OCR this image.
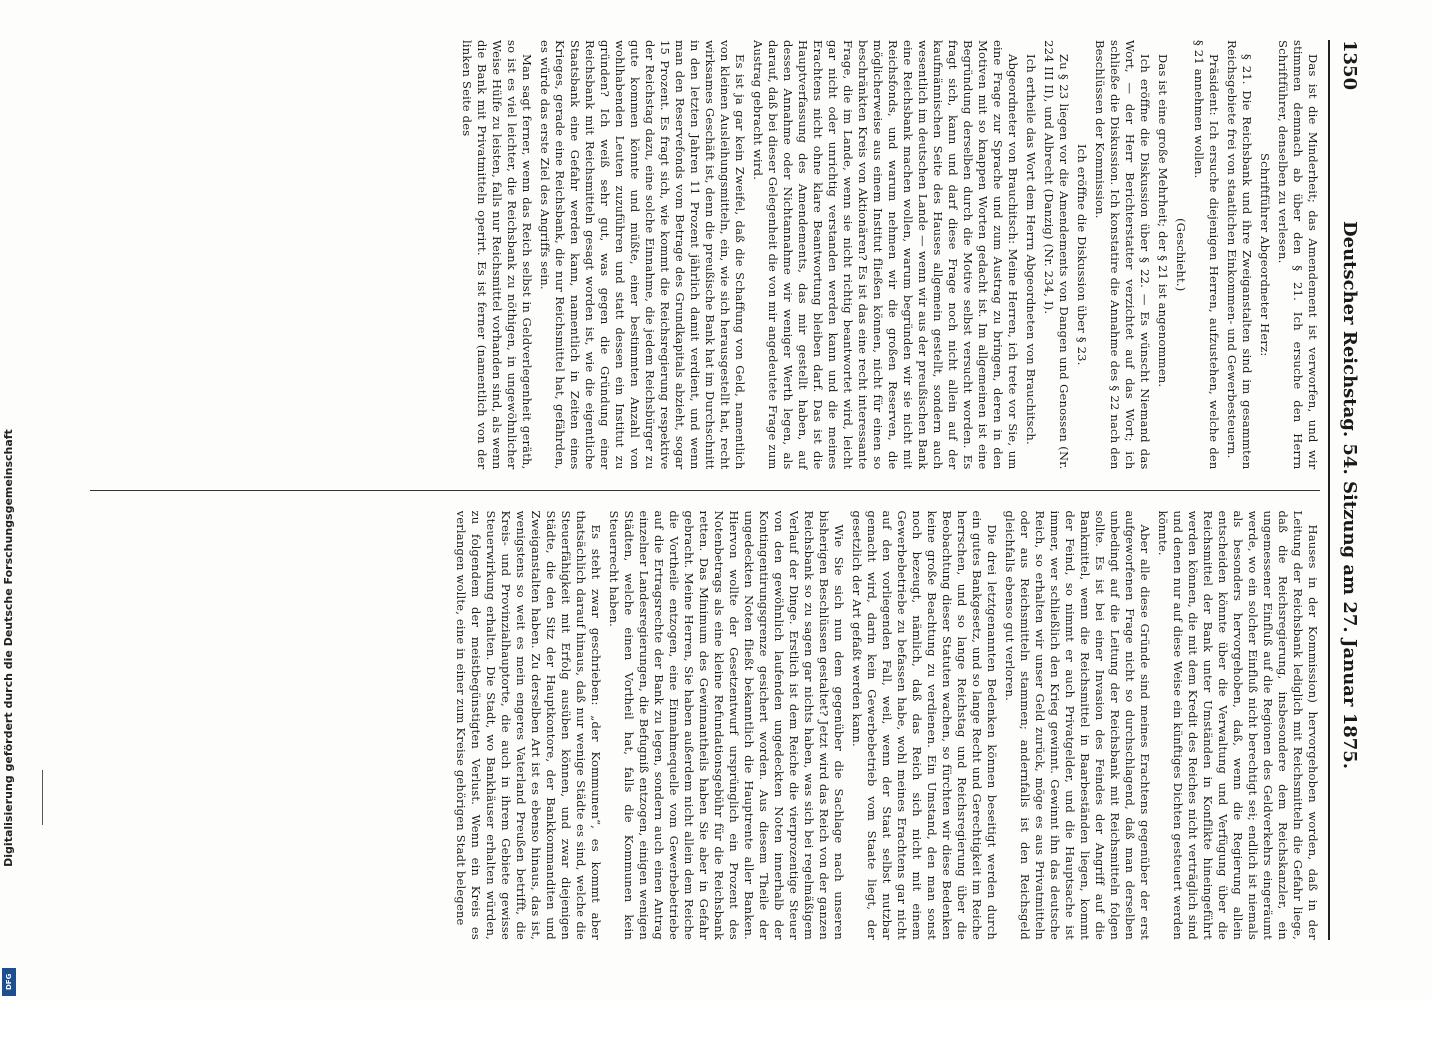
Digitalisierung gefördert durch die Deutsche Forschungsgemeinschaft
DFG
1350
Deutscher Reichstag. 54. Sitzung am 27. Januar 1875.

Das ist die Minderheit; das Amendement ist verworfen, und wir stimmen demnach ab über den § 21. Ich ersuche den Herrn Schriftführer, denselben zu verlesen.

Schriftführer Abgeordneter Herz:

§ 21. Die Reichsbank und ihre Zweiganstalten sind im gesammten Reichsgebiete frei von staatlichen Einkommen- und Gewerbesteuern.

Präsident: Ich ersuche diejenigen Herren, aufzustehen, welche den § 21 annehmen wollen.

(Geschieht.)

Das ist eine große Mehrheit; der § 21 ist angenommen.

Ich eröffne die Diskussion über § 22. — Es wünscht Niemand das Wort, — der Herr Berichterstatter verzichtet auf das Wort; ich schließe die Diskussion. Ich konstatire die Annahme des § 22 nach den Beschlüssen der Kommission.

Ich eröffne die Diskussion über § 23.

Zu § 23 liegen vor die Amendements von Dangen und Genossen (Nr. 224 III II), und Albrecht (Danzig) (Nr. 234, I).

Ich ertheile das Wort dem Herrn Abgeordneten von Brauchitsch.

Abgeordneter von Brauchitsch: Meine Herren, ich trete vor Sie, um eine Frage zur Sprache und zum Austrag zu bringen, deren in den Motiven mit so knappen Worten gedacht ist. Im allgemeinen ist eine Begründung derselben durch die Motive selbst versucht worden. Es fragt sich, kann und darf diese Frage noch nicht allein auf der kaufmännischen Seite des Hauses allgemein gestellt, sondern auch wesentlich im deutschen Lande — wenn wir aus der preußischen Bank eine Reichsbank machen wollen, warum begründen wir sie nicht mit Reichsfonds, und warum nehmen wir die großen Reserven, die möglicherweise aus einem Institut fließen können, nicht für einen so beschränkten Kreis von Aktionären? Es ist das eine recht interessante Frage, die im Lande, wenn sie nicht richtig beantwortet wird, leicht gar nicht oder unrichtig verstanden werden kann und die meines Erachtens nicht ohne klare Beantwortung bleiben darf. Das ist die Hauptverfassung des Amendements, das mir gestellt haben, auf dessen Annahme oder Nichtannahme wir weniger Werth legen, als darauf, daß bei dieser Gelegenheit die von mir angedeutete Frage zum Austrag gebracht wird.

Es ist ja gar kein Zweifel, daß die Schaffung von Geld, namentlich von kleinen Ausleihungsmitteln, ein, wie sich herausgestellt hat, recht wirksames Geschäft ist, denn die preußische Bank hat im Durchschnitt in den letzten Jahren 11 Prozent jährlich damit verdient, und wenn man den Reservefonds vom Betrage des Grundkapitals abzieht, sogar 15 Prozent. Es fragt sich, wie kommt die Reichsregierung respektive der Reichstag dazu, eine solche Einnahme, die jedem Reichsbürger zu gute kommen könnte und müßte, einer bestimmten Anzahl von wohlhabenden Leuten zuzuführen und statt dessen ein Institut zu gründen? Ich weiß sehr gut, was gegen die Gründung einer Reichsbank mit Reichsmitteln gesagt worden ist, wie die eigentliche Staatsbank eine Gefahr werden kann, namentlich in Zeiten eines Krieges, gerade eine Reichsbank, die nur Reichsmittel hat, gefährden, es würde das erste Ziel des Angriffs sein.

Man sagt ferner, wenn das Reich selbst in Geldverlegenheit geräth, so ist es viel leichter, die Reichsbank zu nöthigen, in ungewöhnlicher Weise Hülfe zu leisten, falls nur Reichsmittel vorhanden sind, als wenn die Bank mit Privatmitteln operirt. Es ist ferner (namentlich von der linken Seite des

Hauses in der Kommission) hervorgehoben worden, daß in der Leitung der Reichsbank lediglich mit Reichsmitteln die Gefahr liege, daß die Reichsregierung, insbesondere dem Reichskanzler, ein ungemessener Einfluß auf die Regionen des Geldverkehrs eingeräumt werde, wo ein solcher Einfluß nicht berechtigt sei; endlich ist niemals als besonders hervorgehoben, daß, wenn die Regierung allein entscheiden könnte über die Verwaltung und Verfügung über die Reichsmittel der Bank unter Umständen in Konflikte hineingeführt werden können, die mit dem Kredit des Reiches nicht verträglich sind und denen nur auf diese Weise ein künftiges Dichten gesteuert werden könnte.

Aber alle diese Gründe sind meines Erachtens gegenüber der erst aufgeworfenen Frage nicht so durchschlagend, daß man derselben unbedingt auf die Leitung der Reichsbank mit Reichsmitteln folgen sollte. Es ist bei einer Invasion des Feindes der Angriff auf die Bankmittel, wenn die Reichsmittel in Baarbeständen liegen, kommt der Feind, so nimmt er auch Privatgelder, und die Hauptsache ist immer, wer schließlich den Krieg gewinnt. Gewinnt ihn das deutsche Reich, so erhalten wir unser Geld zurück, möge es aus Privatmitteln oder aus Reichsmitteln stammen; andernfalls ist den Reichsgeld gleichfalls ebenso gut verloren.

Die drei letztgenannten Bedenken können beseitigt werden durch ein gutes Bankgesetz, und so lange Recht und Gerechtigkeit im Reiche herrschen, und so lange Reichstag und Reichsregierung über die Beobachtung dieser Statuten wachen, so fürchten wir diese Bedenken keine große Beachtung zu verdienen. Ein Umstand, den man sonst noch bezeugt, nämlich, daß das Reich sich nicht mit einem Gewerbebetriebe zu befassen habe, wohl meines Erachtens gar nicht auf den vorliegenden Fall, weil, wenn der Staat selbst nutzbar gemacht wird, darin kein Gewerbebetrieb vom Staate liegt, der gesetzlich der Art gefaßt werden kann.

Wie Sie sich nun dem gegenüber die Sachlage nach unseren bisherigen Beschlüssen gestaltet? Jetzt wird das Reich von der ganzen Reichsbank so zu sagen gar nichts haben, was sich bei regelmäßigem Verlauf der Dinge. Erstlich ist dem Reiche die vierprozentige Steuer von den gewöhnlich laufenden ungedeckten Noten innerhalb der Kontingentirungsgrenze gesichert worden. Aus diesem Theile der ungedeckten Noten fließt bekanntlich die Hauptrente aller Banken. Hiervon wollte der Gesetzentwurf ursprünglich ein Prozent des Notenbetrags als eine kleine Refundationsgebühr für die Reichsbank retten. Das Minimum des Gewinnantheils haben Sie aber in Gefahr gebracht. Meine Herren, Sie haben außerdem nicht allein dem Reiche die Vortheile entzogen, eine Einnahmequelle vom Gewerbebetriebe auf die Ertragsrechte der Bank zu legen, sondern auch einen Antrag einzelner Landesregierungen, die Befugniß entzogen, einigen wenigen Städten, welche einen Vortheil hat, falls die Kommunen kein Steuerrecht haben.

Es steht zwar geschrieben: „der Kommunen“, es kommt aber thatsächlich darauf hinaus, daß nur wenige Städte es sind, welche die Steuerfähigkeit mit Erfolg ausüben können, und zwar diejenigen Städte, die den Sitz der Hauptkontore, der Bankkommanditen und Zweiganstalten haben. Zu derselben Art ist es ebenso hinaus, das ist, wenigstens so weit es mein engeres Vaterland Preußen betrifft, die Kreis- und Provinzialhauptorte, die auch in ihrem Gebiete gewisse Steuerwirkung erhalten. Die Stadt, wo Bankhäuser erhalten würden, zu folgendem der meistbegünstigten Verlust. Wenn ein Kreis es verlangen wollte, eine in einer zum Kreise gehörigen Stadt belegene
